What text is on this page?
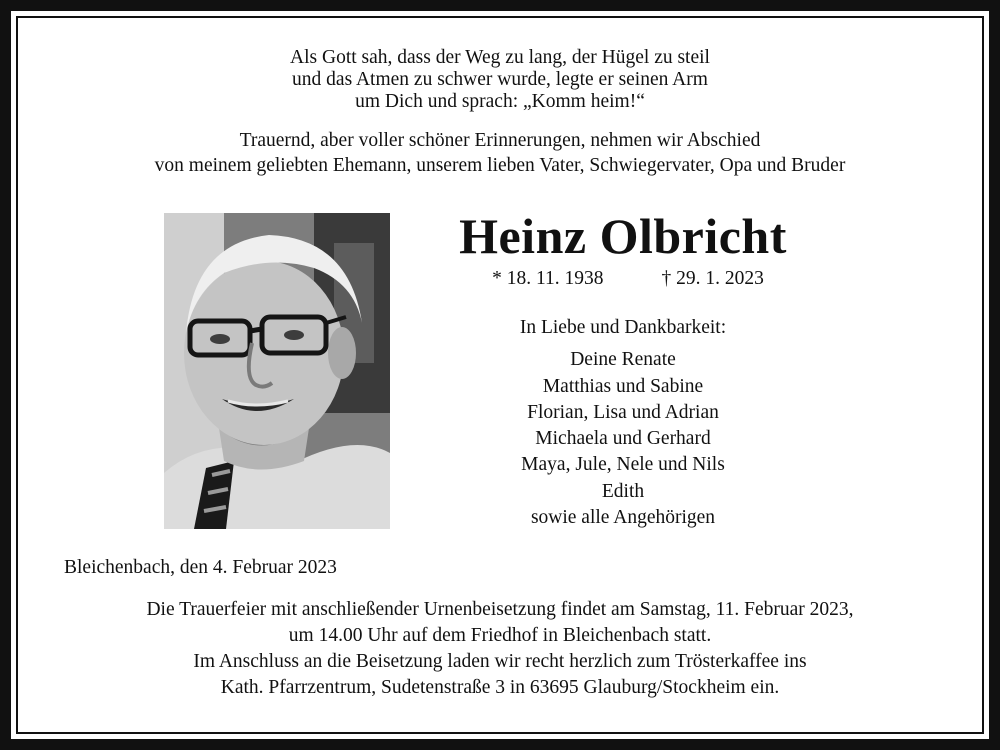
Als Gott sah, dass der Weg zu lang, der Hügel zu steil
und das Atmen zu schwer wurde, legte er seinen Arm
um Dich und sprach: „Komm heim!“
Trauernd, aber voller schöner Erinnerungen, nehmen wir Abschied
von meinem geliebten Ehemann, unserem lieben Vater, Schwiegervater, Opa und Bruder
Heinz Olbricht
* 18. 11. 1938	† 29. 1. 2023
In Liebe und Dankbarkeit:
Deine Renate
Matthias und Sabine
Florian, Lisa und Adrian
Michaela und Gerhard
Maya, Jule, Nele und Nils
Edith
sowie alle Angehörigen
Bleichenbach, den 4. Februar 2023
Die Trauerfeier mit anschließender Urnenbeisetzung findet am Samstag, 11. Februar 2023,
um 14.00 Uhr auf dem Friedhof in Bleichenbach statt.
Im Anschluss an die Beisetzung laden wir recht herzlich zum Trösterkaffee ins
Kath. Pfarrzentrum, Sudetenstraße 3 in 63695 Glauburg/Stockheim ein.
